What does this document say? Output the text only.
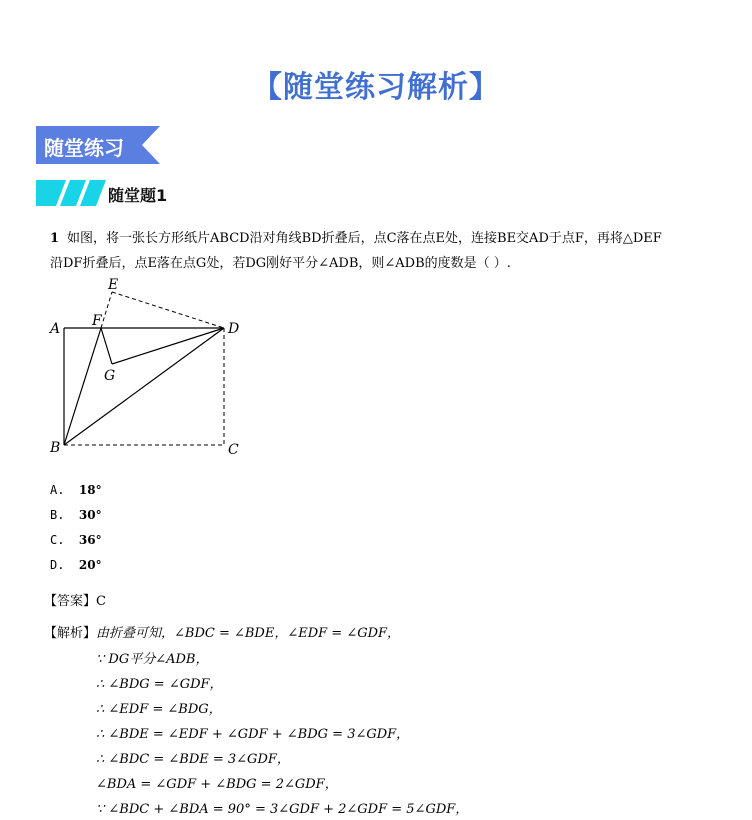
【随堂练习解析】
随堂练习
随堂题1
1 如图，将一张长方形纸片ABCD沿对角线BD折叠后，点C落在点E处，连接BE交AD于点F，再将△DEF
沿DF折叠后，点E落在点G处，若DG刚好平分∠ADB，则∠ADB的度数是（ ）.
A
B	C
D
E
F
G
A. 18°
B. 30°
C. 36°
D. 20°
【答案】C
【解析】由折叠可知，∠BDC = ∠BDE，∠EDF = ∠GDF，
∵ DG平分∠ADB，
∴ ∠BDG = ∠GDF，
∴ ∠EDF = ∠BDG，
∴ ∠BDE = ∠EDF + ∠GDF + ∠BDG = 3∠GDF，
∴ ∠BDC = ∠BDE = 3∠GDF，
∠BDA = ∠GDF + ∠BDG = 2∠GDF，
∵ ∠BDC + ∠BDA = 90° = 3∠GDF + 2∠GDF = 5∠GDF，
